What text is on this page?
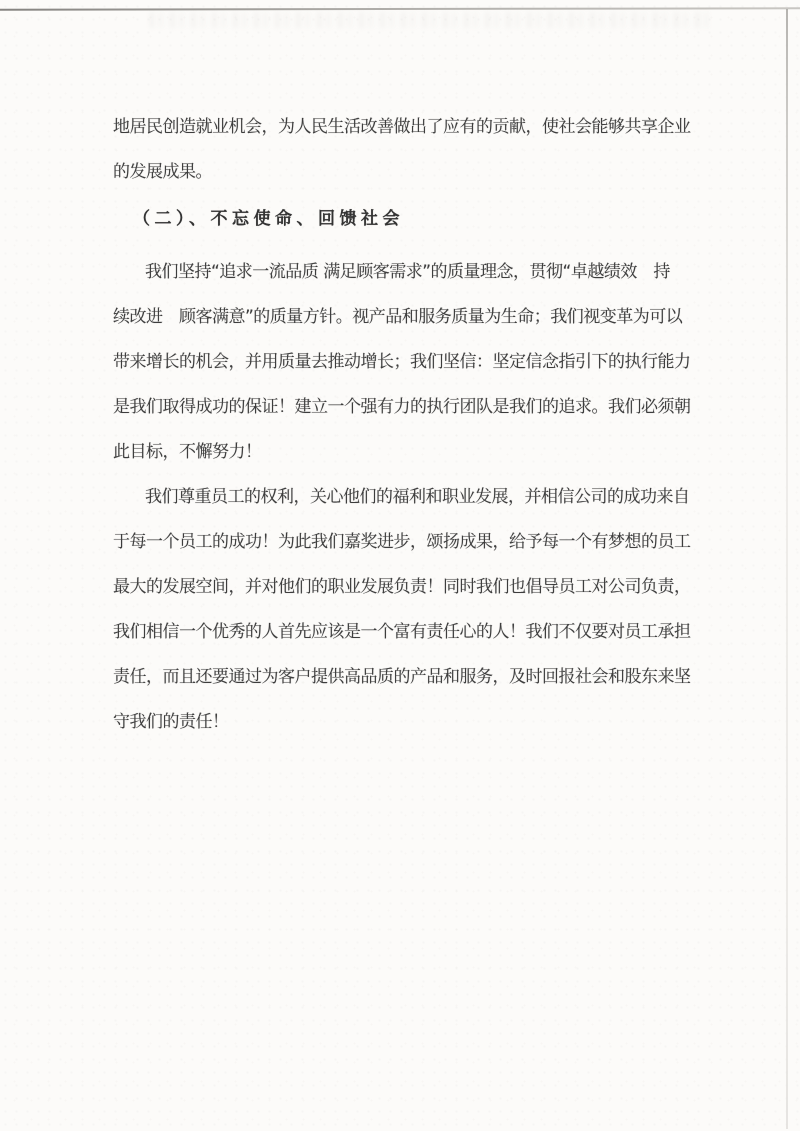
地居民创造就业机会，为人民生活改善做出了应有的贡献，使社会能够共享企业
的发展成果。
（二）、不忘使命、回馈社会
我们坚持“追求一流品质 满足顾客需求”的质量理念，贯彻“卓越绩效　持
续改进　顾客满意”的质量方针。视产品和服务质量为生命；我们视变革为可以
带来增长的机会，并用质量去推动增长；我们坚信：坚定信念指引下的执行能力
是我们取得成功的保证！建立一个强有力的执行团队是我们的追求。我们必须朝
此目标，不懈努力！
我们尊重员工的权利，关心他们的福利和职业发展，并相信公司的成功来自
于每一个员工的成功！为此我们嘉奖进步，颂扬成果，给予每一个有梦想的员工
最大的发展空间，并对他们的职业发展负责！同时我们也倡导员工对公司负责，
我们相信一个优秀的人首先应该是一个富有责任心的人！我们不仅要对员工承担
责任，而且还要通过为客户提供高品质的产品和服务，及时回报社会和股东来坚
守我们的责任！
